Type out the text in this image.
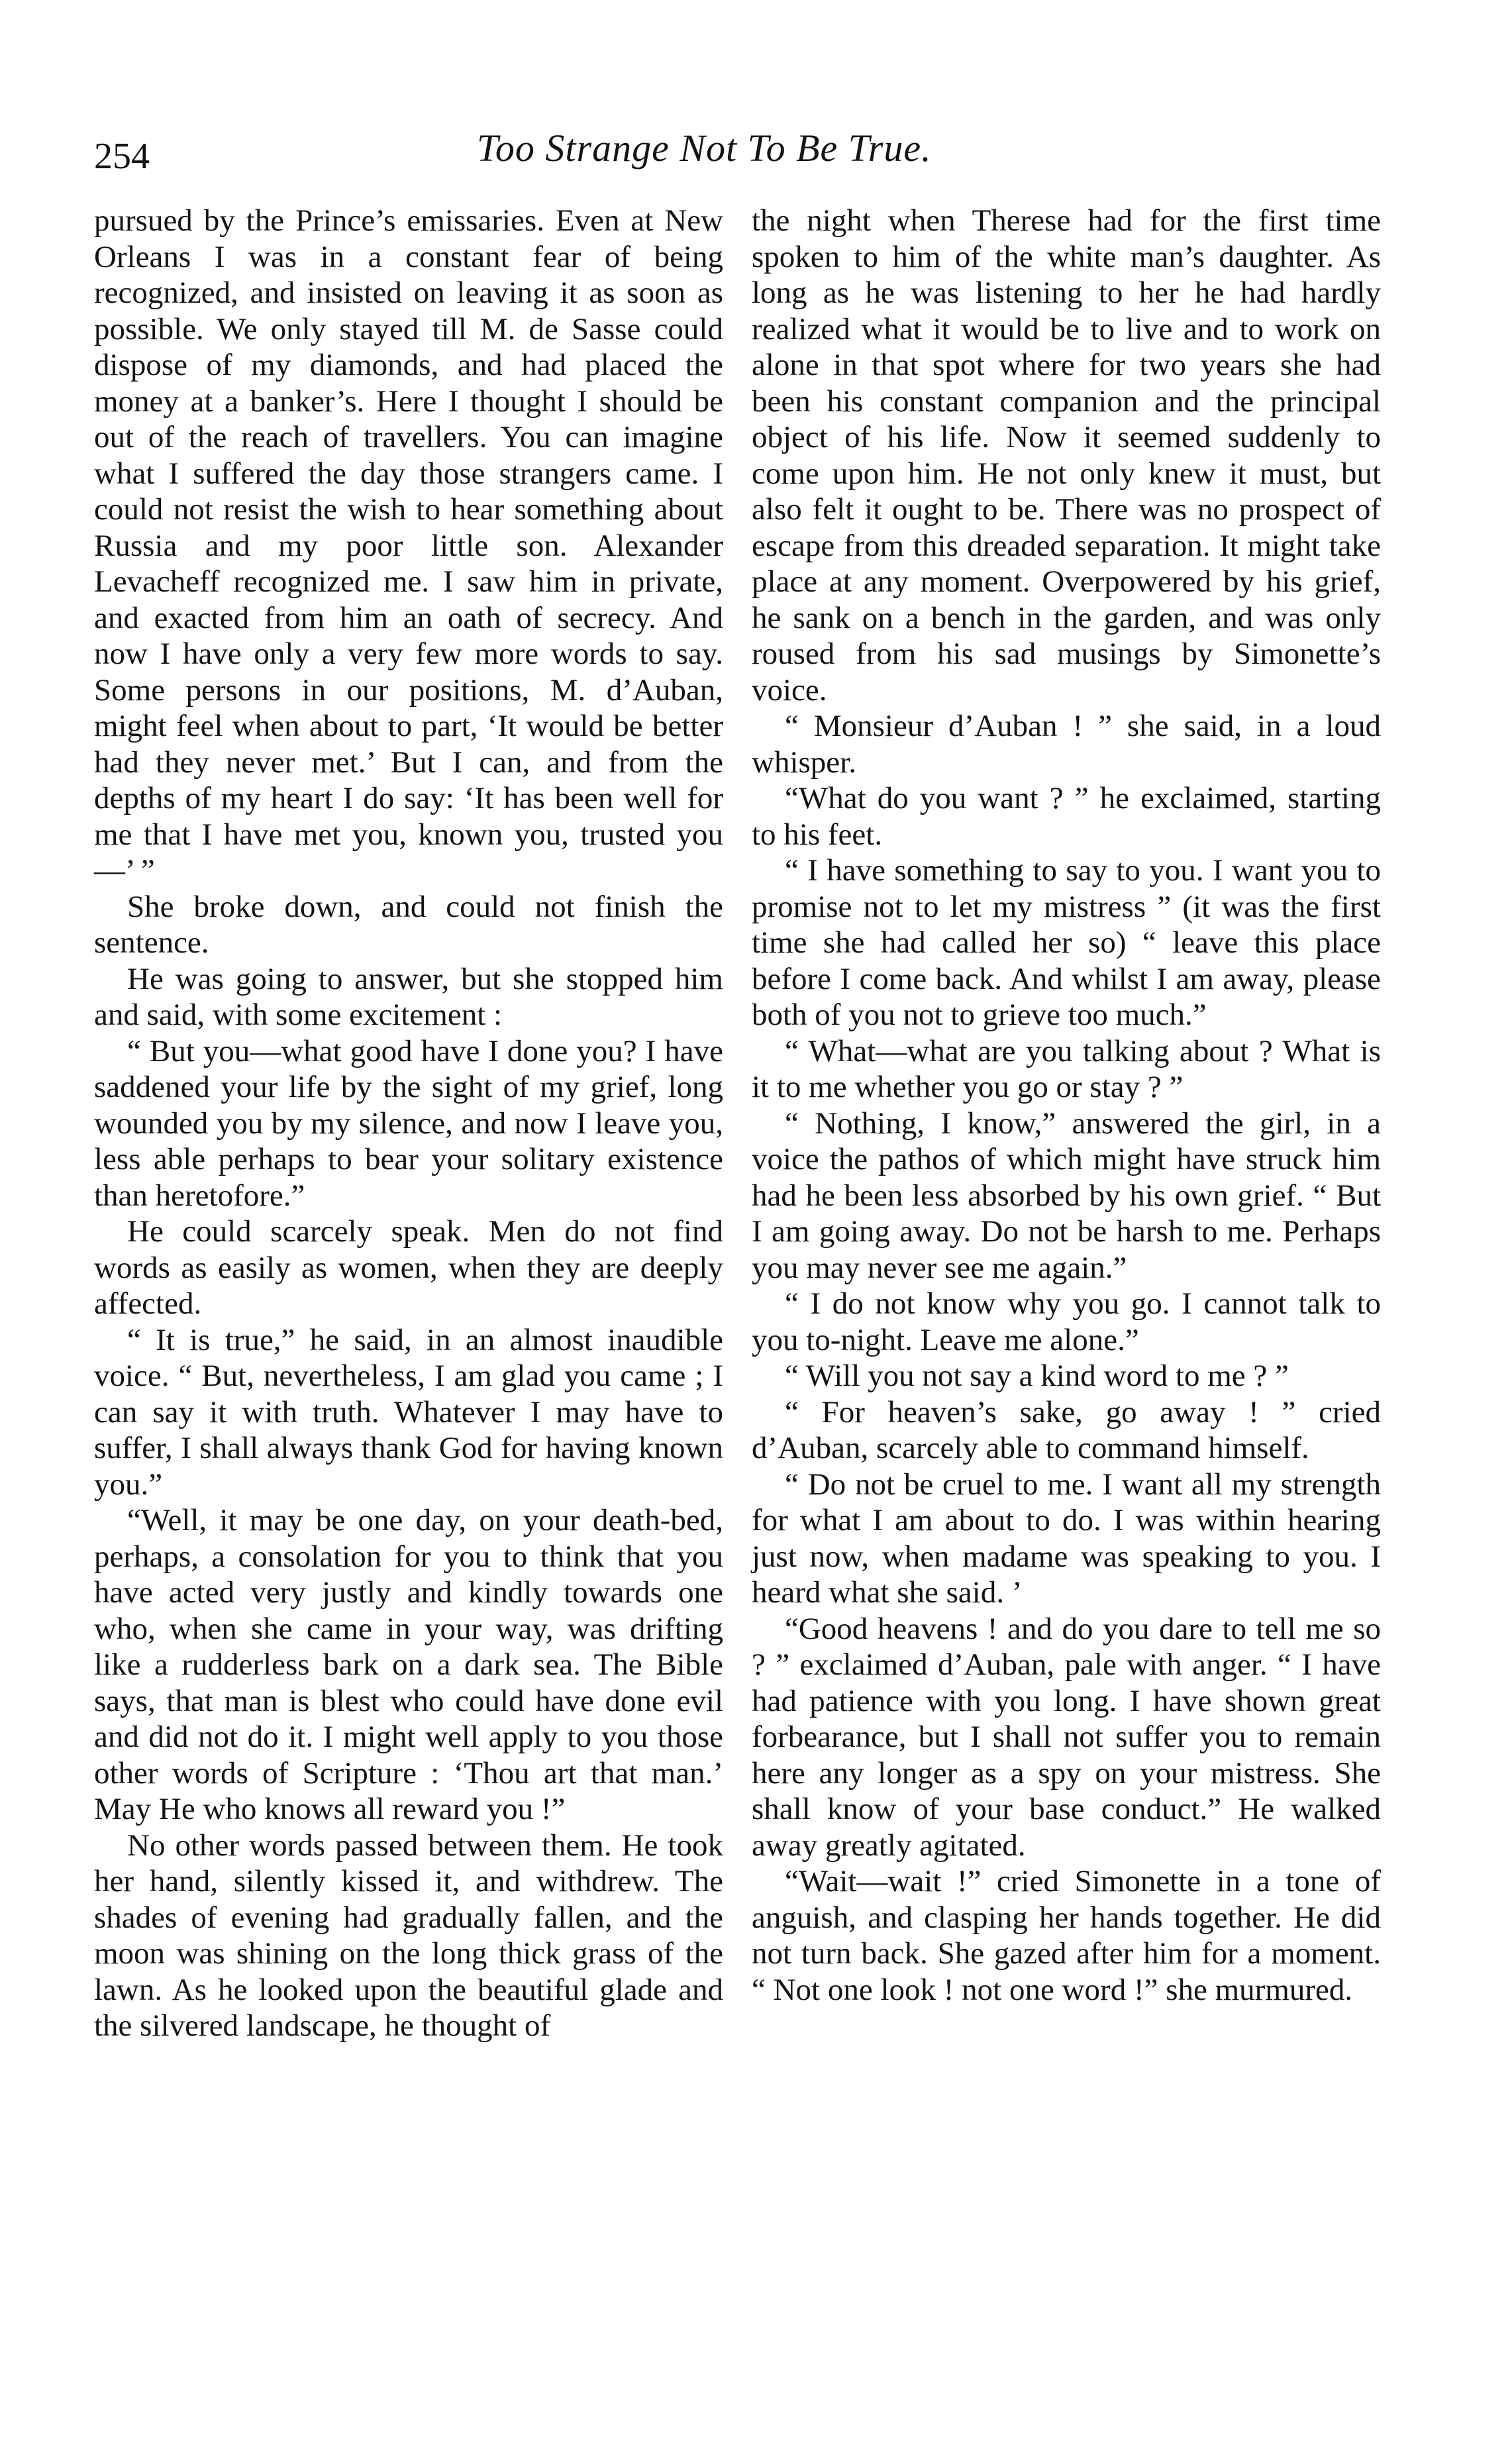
254	Too Strange Not To Be True.

pursued by the Prince’s emissaries. Even at New Orleans I was in a constant fear of being recognized, and insisted on leaving it as soon as possible. We only stayed till M. de Sasse could dispose of my diamonds, and had placed the money at a banker’s. Here I thought I should be out of the reach of travellers. You can imagine what I suffered the day those strangers came. I could not resist the wish to hear something about Russia and my poor little son. Alexander Levacheff recognized me. I saw him in private, and exacted from him an oath of secrecy. And now I have only a very few more words to say. Some persons in our positions, M. d’Auban, might feel when about to part, ‘It would be better had they never met.’ But I can, and from the depths of my heart I do say: ‘It has been well for me that I have met you, known you, trusted you—’ ”

She broke down, and could not finish the sentence.

He was going to answer, but she stopped him and said, with some excitement :

“ But you—what good have I done you? I have saddened your life by the sight of my grief, long wounded you by my silence, and now I leave you, less able perhaps to bear your solitary existence than heretofore.”

He could scarcely speak. Men do not find words as easily as women, when they are deeply affected.

“ It is true,” he said, in an almost inaudible voice. “ But, nevertheless, I am glad you came ; I can say it with truth. Whatever I may have to suffer, I shall always thank God for having known you.”

“Well, it may be one day, on your death-bed, perhaps, a consolation for you to think that you have acted very justly and kindly towards one who, when she came in your way, was drifting like a rudderless bark on a dark sea. The Bible says, that man is blest who could have done evil and did not do it. I might well apply to you those other words of Scripture : ‘Thou art that man.’ May He who knows all reward you !”

No other words passed between them. He took her hand, silently kissed it, and withdrew. The shades of evening had gradually fallen, and the moon was shining on the long thick grass of the lawn. As he looked upon the beautiful glade and the silvered landscape, he thought of

the night when Therese had for the first time spoken to him of the white man’s daughter. As long as he was listening to her he had hardly realized what it would be to live and to work on alone in that spot where for two years she had been his constant companion and the principal object of his life. Now it seemed suddenly to come upon him. He not only knew it must, but also felt it ought to be. There was no prospect of escape from this dreaded separation. It might take place at any moment. Overpowered by his grief, he sank on a bench in the garden, and was only roused from his sad musings by Simonette’s voice.

“ Monsieur d’Auban ! ” she said, in a loud whisper.

“What do you want ? ” he exclaimed, starting to his feet.

“ I have something to say to you. I want you to promise not to let my mistress ” (it was the first time she had called her so) “ leave this place before I come back. And whilst I am away, please both of you not to grieve too much.”

“ What—what are you talking about ? What is it to me whether you go or stay ? ”

“ Nothing, I know,” answered the girl, in a voice the pathos of which might have struck him had he been less absorbed by his own grief. “ But I am going away. Do not be harsh to me. Perhaps you may never see me again.”

“ I do not know why you go. I cannot talk to you to-night. Leave me alone.”

“ Will you not say a kind word to me ? ”

“ For heaven’s sake, go away ! ” cried d’Auban, scarcely able to command himself.

“ Do not be cruel to me. I want all my strength for what I am about to do. I was within hearing just now, when madame was speaking to you. I heard what she said. ’

“Good heavens ! and do you dare to tell me so ? ” exclaimed d’Auban, pale with anger. “ I have had patience with you long. I have shown great forbearance, but I shall not suffer you to remain here any longer as a spy on your mistress. She shall know of your base conduct.” He walked away greatly agitated.

“Wait—wait !” cried Simonette in a tone of anguish, and clasping her hands together. He did not turn back. She gazed after him for a moment. “ Not one look ! not one word !” she murmured.
